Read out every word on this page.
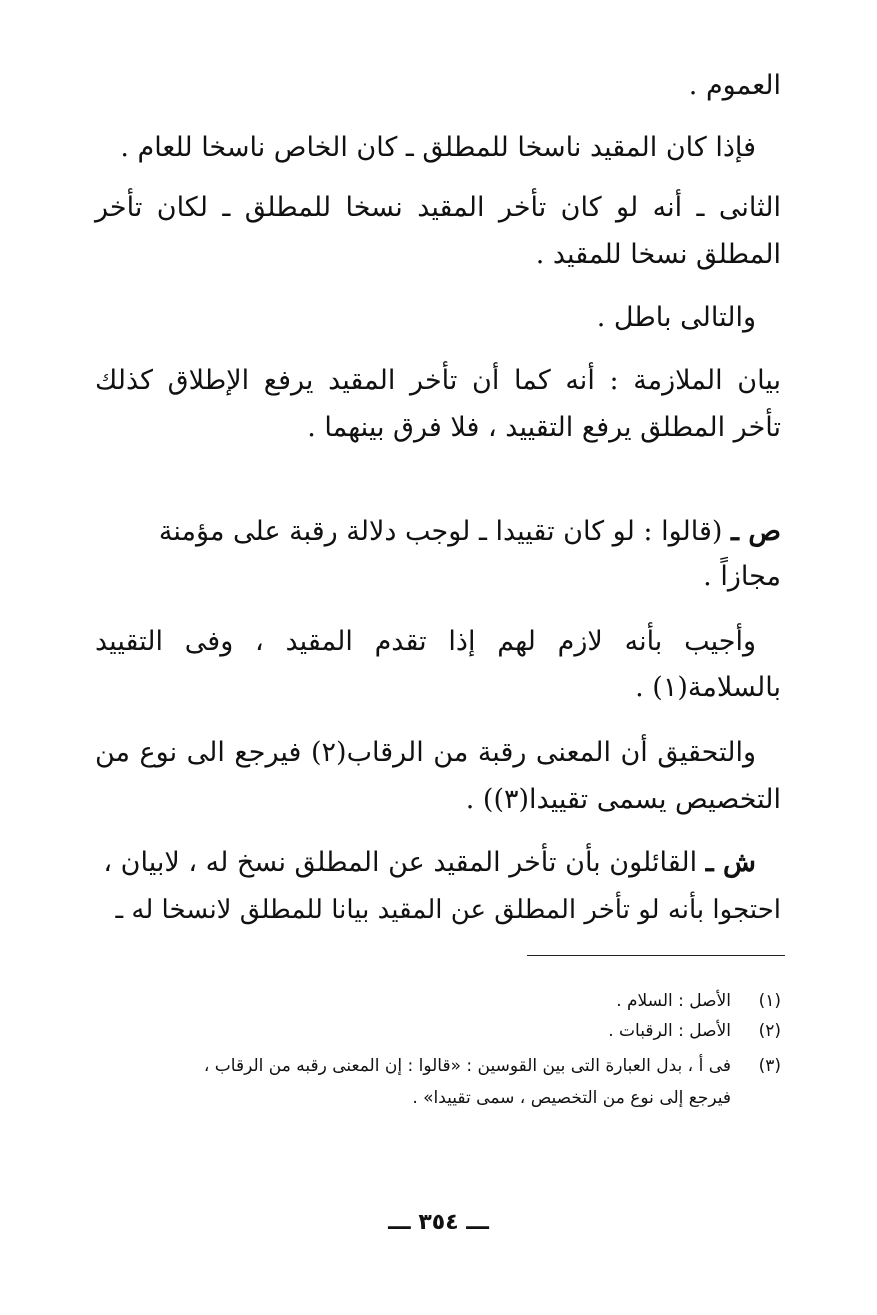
العموم .
فإذا كان المقيد ناسخا للمطلق ـ كان الخاص ناسخا للعام .
الثانى ـ أنه لو كان تأخر المقيد نسخا للمطلق ـ لكان تأخر
المطلق نسخا للمقيد .
والتالى باطل .
بيان الملازمة : أنه كما أن تأخر المقيد يرفع الإطلاق كذلك
تأخر المطلق يرفع التقييد ، فلا فرق بينهما .
ص ـ (قالوا : لو كان تقييدا ـ لوجب دلالة رقبة على مؤمنة
مجازاً .
وأجيب بأنه لازم لهم إذا تقدم المقيد ، وفى التقييد
بالسلامة(١) .
والتحقيق أن المعنى رقبة من الرقاب(٢) فيرجع الى نوع من
التخصيص يسمى تقييدا(٣)) .
ش ـ القائلون بأن تأخر المقيد عن المطلق نسخ له ، لابيان ،
احتجوا بأنه لو تأخر المطلق عن المقيد بيانا للمطلق لانسخا له ـ
(١)
الأصل : السلام .
(٢)
الأصل : الرقبات .
(٣)
فى أ ، بدل العبارة التى بين القوسين : «قالوا : إن المعنى رقبه من الرقاب ،
فيرجع إلى نوع من التخصيص ، سمى تقييدا» .
ـــ ٣٥٤ ـــ
